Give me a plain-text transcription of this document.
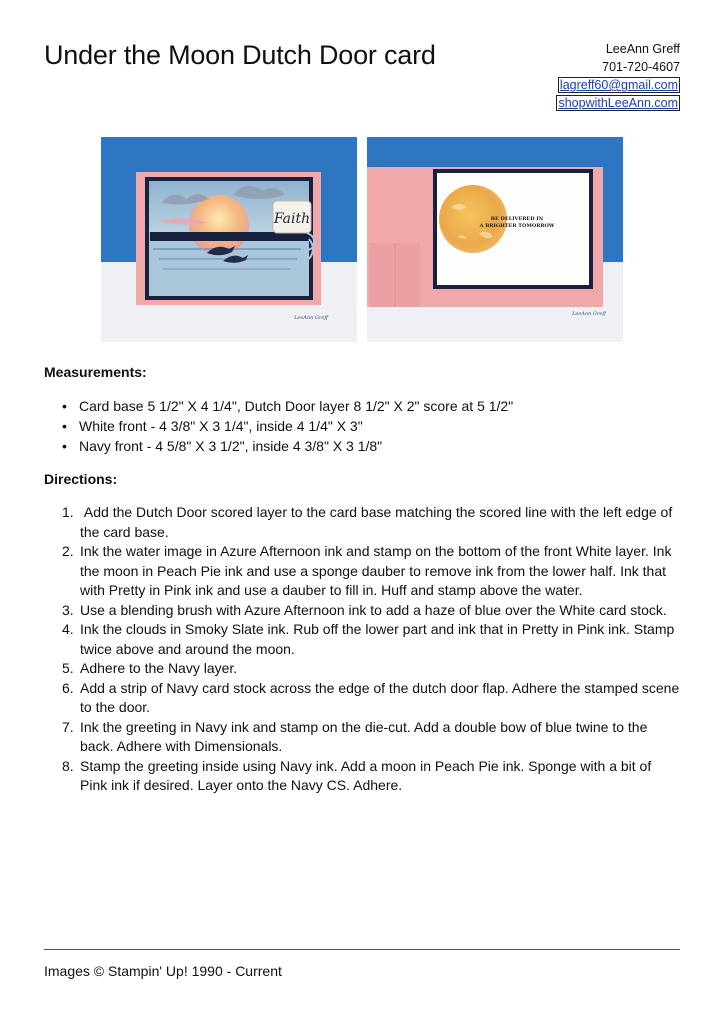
Under the Moon Dutch Door card	LeeAnn Greff
701-720-4607
lagreff60@gmail.com
shopwithLeeAnn.com
Faith
LeeAnn Greff
BE DELIVERED IN
A BRIGHTER TOMORROW
LeeAnn Greff
Measurements:
• Card base 5 1/2" X 4 1/4", Dutch Door layer 8 1/2" X 2" score at 5 1/2"
• White front - 4 3/8" X 3 1/4", inside 4 1/4" X 3"
• Navy front - 4 5/8" X 3 1/2", inside 4 3/8" X 3 1/8"
Directions:
1. Add the Dutch Door scored layer to the card base matching the scored line with the left edge of the card base.
2. Ink the water image in Azure Afternoon ink and stamp on the bottom of the front White layer. Ink the moon in Peach Pie ink and use a sponge dauber to remove ink from the lower half. Ink that with Pretty in Pink ink and use a dauber to fill in. Huff and stamp above the water.
3. Use a blending brush with Azure Afternoon ink to add a haze of blue over the White card stock.
4. Ink the clouds in Smoky Slate ink. Rub off the lower part and ink that in Pretty in Pink ink. Stamp twice above and around the moon.
5. Adhere to the Navy layer.
6. Add a strip of Navy card stock across the edge of the dutch door flap. Adhere the stamped scene to the door.
7. Ink the greeting in Navy ink and stamp on the die-cut. Add a double bow of blue twine to the back. Adhere with Dimensionals.
8. Stamp the greeting inside using Navy ink. Add a moon in Peach Pie ink. Sponge with a bit of Pink ink if desired. Layer onto the Navy CS. Adhere.
Images © Stampin' Up! 1990 - Current
